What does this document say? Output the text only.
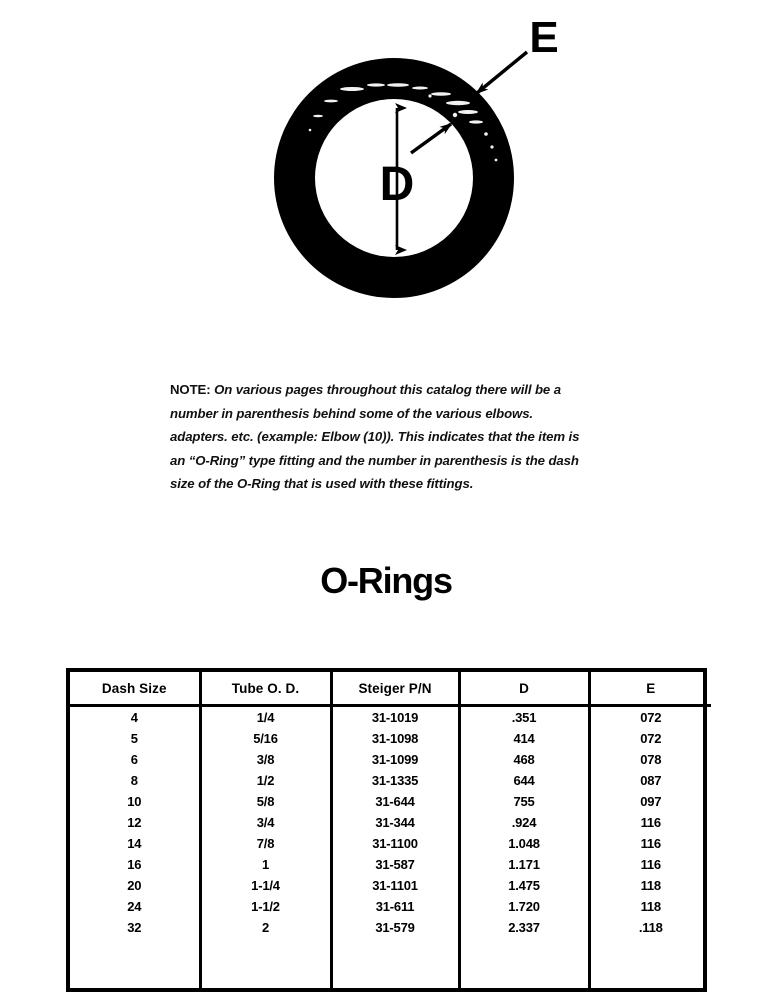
D
E

NOTE: On various pages throughout this catalog there will be a number in parenthesis behind some of the various elbows. adapters. etc. (example: Elbow (10)). This indicates that the item is an “O-Ring” type fitting and the number in parenthesis is the dash size of the O-Ring that is used with these fittings.

O-Rings
Dash Size	Tube O. D.	Steiger P/N	D	E
4	1/4	31-1019	.351	072
5	5/16	31-1098	414	072
6	3/8	31-1099	468	078
8	1/2	31-1335	644	087
10	5/8	31-644	755	097
12	3/4	31-344	.924	116
14	7/8	31-1100	1.048	116
16	1	31-587	1.171	116
20	1-1/4	31-1101	1.475	118
24	1-1/2	31-611	1.720	118
32	2	31-579	2.337	.118
